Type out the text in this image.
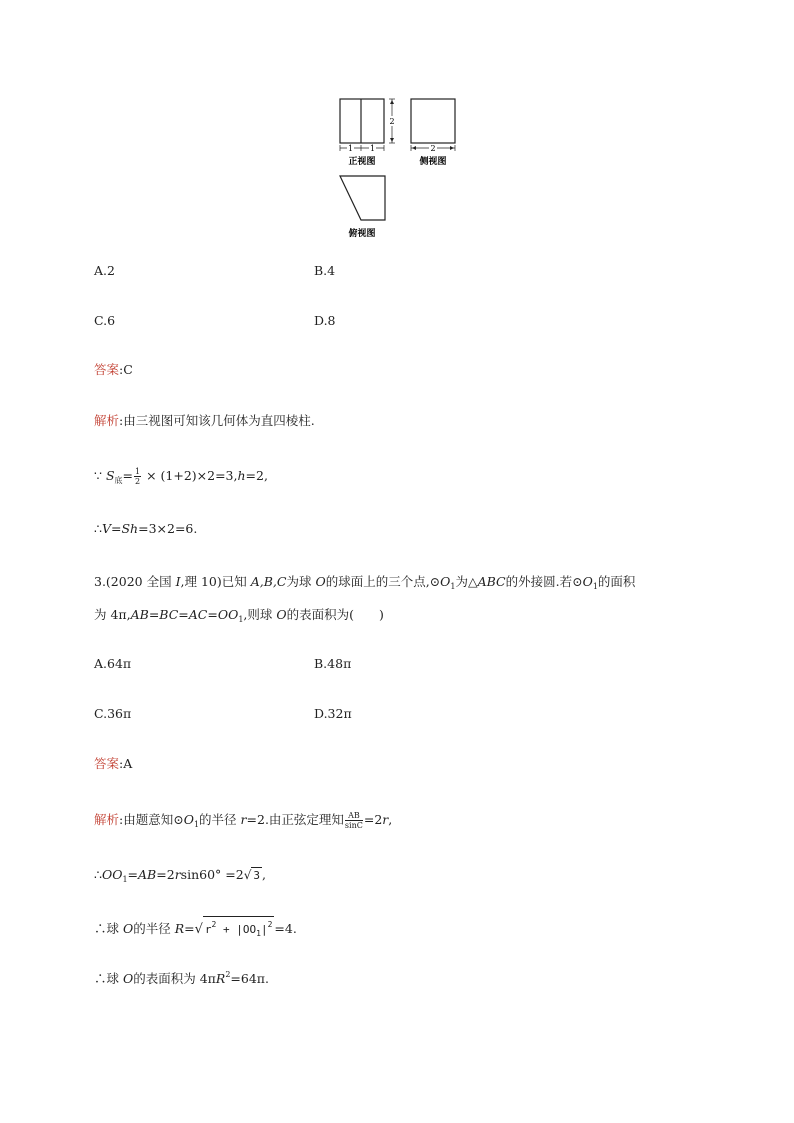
1 1
2
2
正视图	侧视图
俯视图
A.2	B.4
C.6	D.8
答案:C
解析:由三视图可知该几何体为直四棱柱.
∵ $S_底= \frac{1}{2} \times (1+2)\times 2=3,h=2$,
∴V=Sh=3×2=6.
3.(2020 全国 Ⅰ,理 10)已知 A,B,C为球 O的球面上的三个点$,⊙O_1$为△ABC的外接圆.若$⊙O_1$的面积
为 $4\pi,AB=BC=AC=OO_1$,则球 O的表面积为(　　)
A.64π	B.48π
C.36π	D.32π
答案:A
解析:由题意知$⊙O_1$的半径 r=2.由正弦定理知 $\frac{AB}{\sin C} =2r$,
$\therefore OO_1=AB=2rsin60^\circ =2√$ 3 ,
∴球 O的半径 R=√ $r^2 + |OO_1|^2 =4$.
∴球 O的表面积为 $4\pi R^2=64\pi$.
